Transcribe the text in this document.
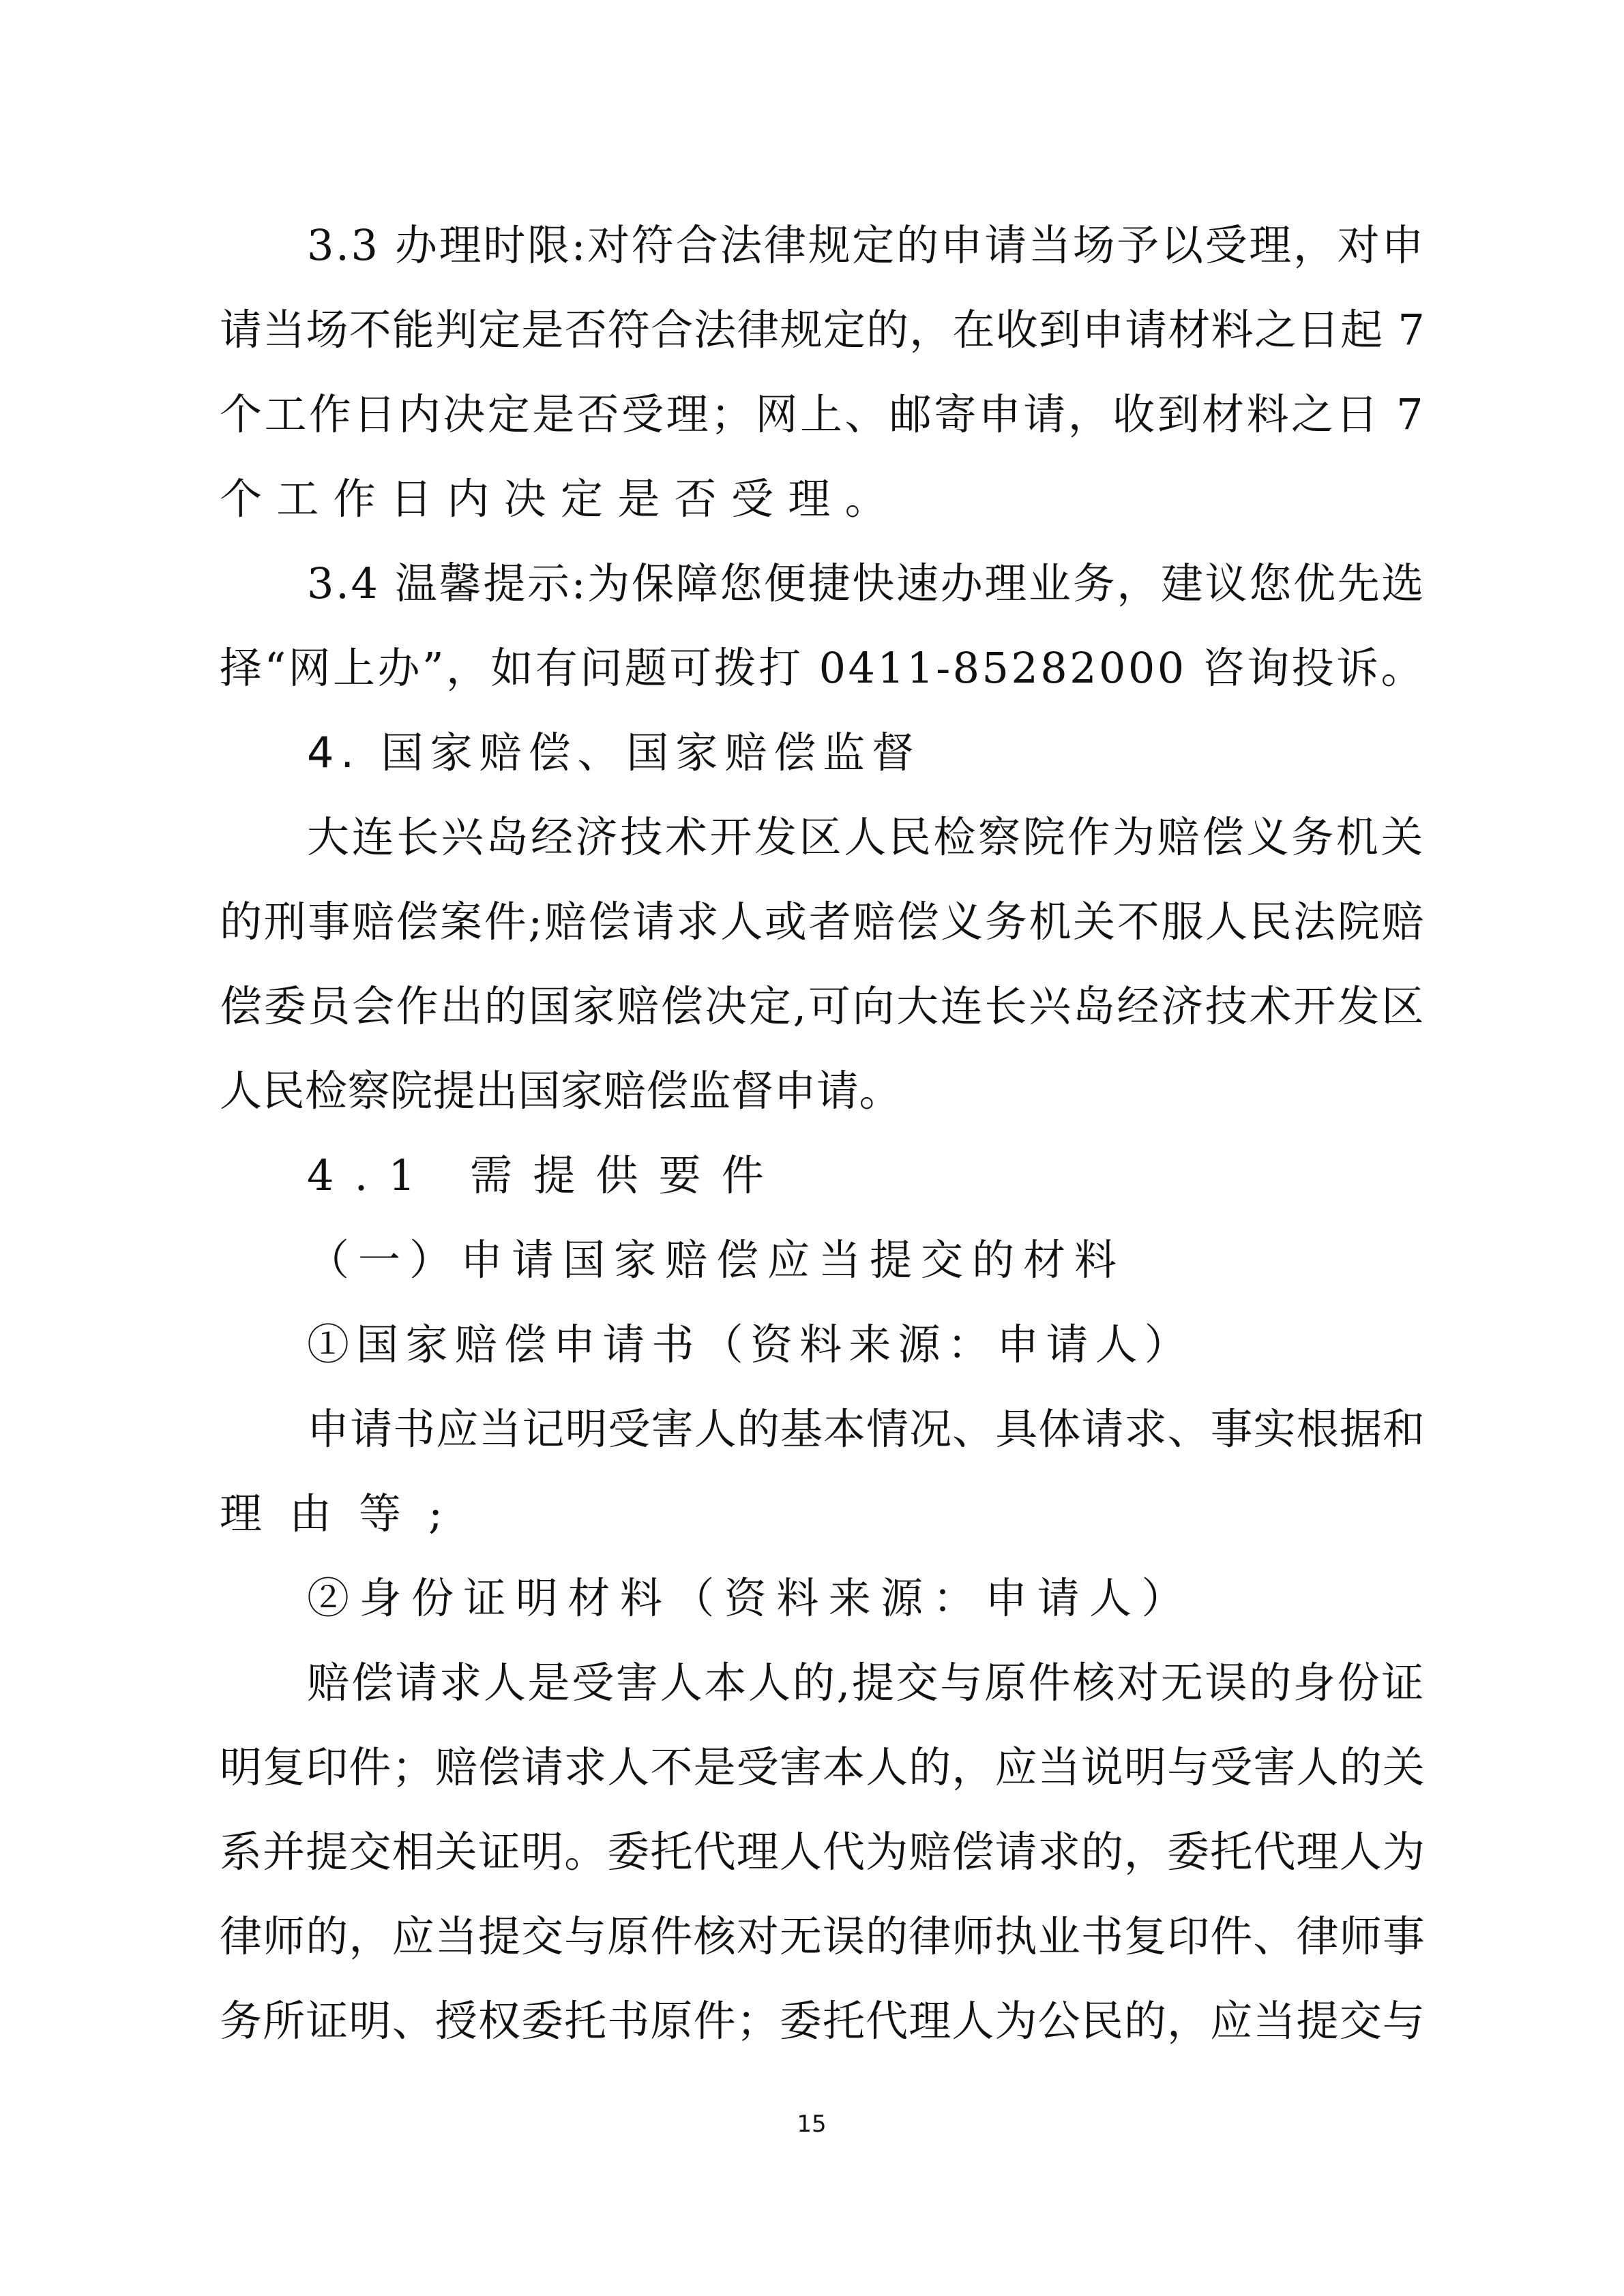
3.3 办理时限:对符合法律规定的申请当场予以受理，对申
请当场不能判定是否符合法律规定的，在收到申请材料之日起 7
个工作日内决定是否受理；网上、邮寄申请，收到材料之日 7
个工作日内决定是否受理。
3.4 温馨提示:为保障您便捷快速办理业务，建议您优先选
择“网上办”，如有问题可拨打 0411-85282000 咨询投诉。
4. 国家赔偿、国家赔偿监督
大连长兴岛经济技术开发区人民检察院作为赔偿义务机关
的刑事赔偿案件;赔偿请求人或者赔偿义务机关不服人民法院赔
偿委员会作出的国家赔偿决定,可向大连长兴岛经济技术开发区
人民检察院提出国家赔偿监督申请。
4.1 需提供要件
（一）申请国家赔偿应当提交的材料
①国家赔偿申请书（资料来源：申请人）
申请书应当记明受害人的基本情况、具体请求、事实根据和
理由等;
②身份证明材料（资料来源：申请人）
赔偿请求人是受害人本人的,提交与原件核对无误的身份证
明复印件；赔偿请求人不是受害本人的，应当说明与受害人的关
系并提交相关证明。委托代理人代为赔偿请求的，委托代理人为
律师的，应当提交与原件核对无误的律师执业书复印件、律师事
务所证明、授权委托书原件；委托代理人为公民的，应当提交与
15
